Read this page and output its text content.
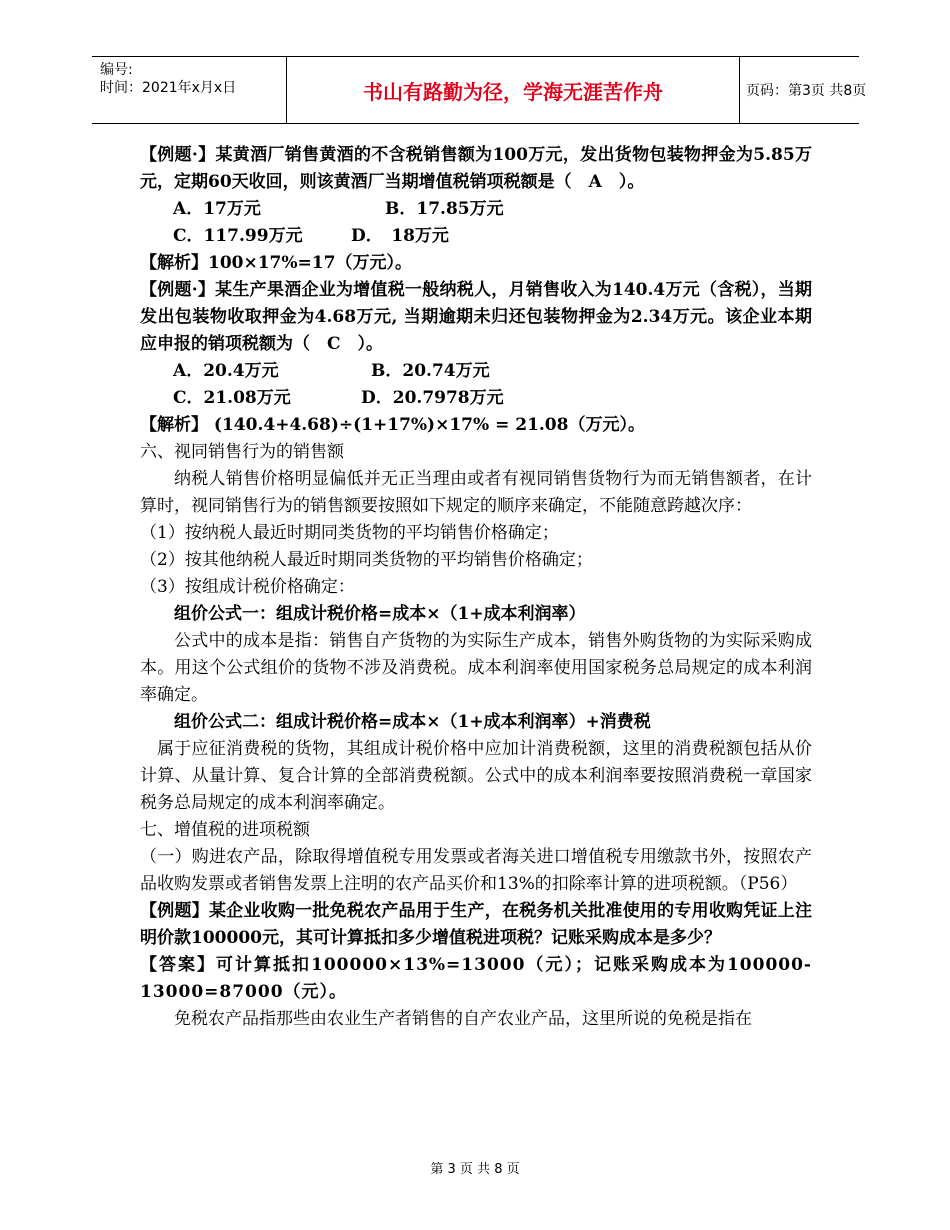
编号:
时间：2021年x月x日	书山有路勤为径，学海无涯苦作舟	页码：第3页 共8页

【例题·】某黄酒厂销售黄酒的不含税销售额为100万元，发出货物包装物押金为5.85万元，定期60天收回，则该黄酒厂当期增值税销项税额是（　A　）。

A．17万元	B．17.85万元

C．117.99万元	D．　18万元

【解析】100×17%=17（万元）。

【例题·】某生产果酒企业为增值税一般纳税人，月销售收入为140.4万元（含税），当期发出包装物收取押金为4.68万元, 当期逾期未归还包装物押金为2.34万元。该企业本期应申报的销项税额为（　C　）。

A．20.4万元	B．20.74万元

C．21.08万元	D．20.7978万元

【解析】 (140.4+4.68)÷(1+17%)×17% = 21.08（万元）。

六、视同销售行为的销售额

纳税人销售价格明显偏低并无正当理由或者有视同销售货物行为而无销售额者，在计算时，视同销售行为的销售额要按照如下规定的顺序来确定，不能随意跨越次序：

（1）按纳税人最近时期同类货物的平均销售价格确定；

（2）按其他纳税人最近时期同类货物的平均销售价格确定；

（3）按组成计税价格确定：

组价公式一：组成计税价格=成本×（1+成本利润率）

公式中的成本是指：销售自产货物的为实际生产成本，销售外购货物的为实际采购成本。用这个公式组价的货物不涉及消费税。成本利润率使用国家税务总局规定的成本利润率确定。

组价公式二：组成计税价格=成本×（1+成本利润率）+消费税

属于应征消费税的货物，其组成计税价格中应加计消费税额，这里的消费税额包括从价计算、从量计算、复合计算的全部消费税额。公式中的成本利润率要按照消费税一章国家税务总局规定的成本利润率确定。

七、增值税的进项税额

（一）购进农产品，除取得增值税专用发票或者海关进口增值税专用缴款书外，按照农产品收购发票或者销售发票上注明的农产品买价和13%的扣除率计算的进项税额。（P56）

【例题】某企业收购一批免税农产品用于生产，在税务机关批准使用的专用收购凭证上注明价款100000元，其可计算抵扣多少增值税进项税？记账采购成本是多少？

【答案】可计算抵扣100000×13%=13000（元）；记账采购成本为100000-13000=87000（元）。

免税农产品指那些由农业生产者销售的自产农业产品，这里所说的免税是指在

第 3 页 共 8 页
